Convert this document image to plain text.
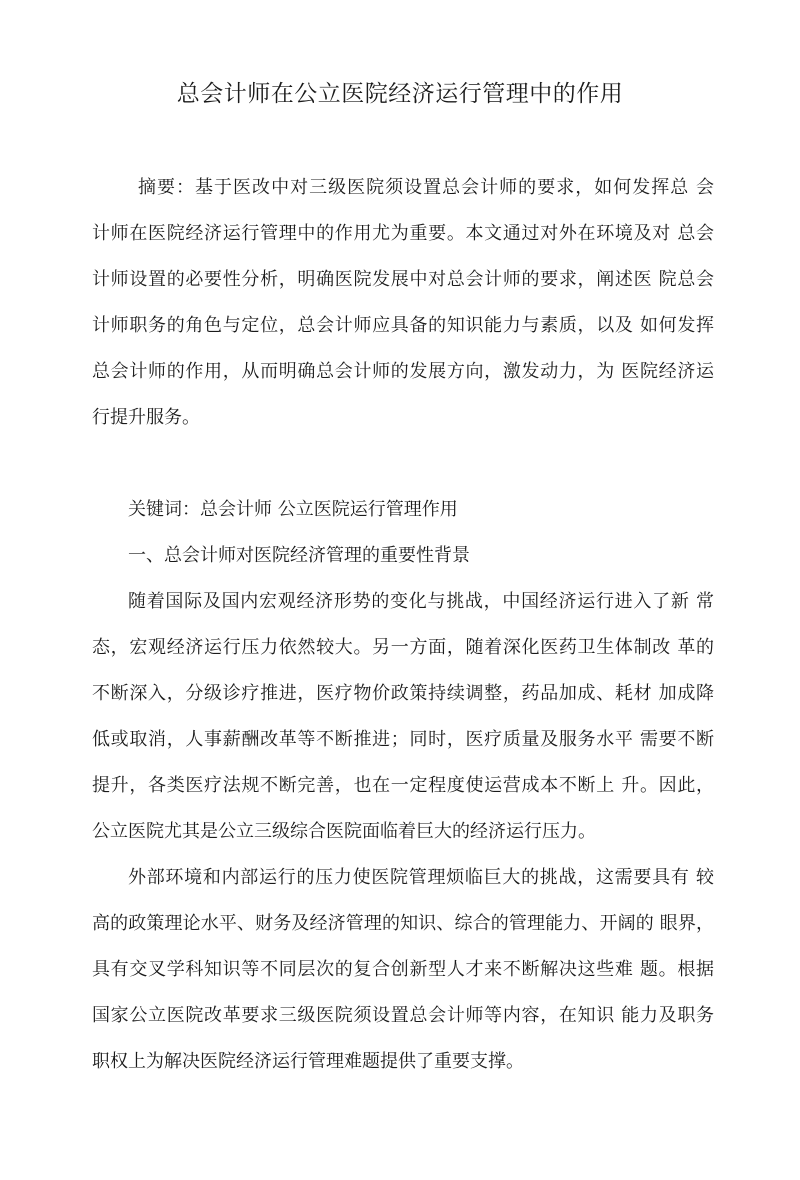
总会计师在公立医院经济运行管理中的作用
摘要：基于医改中对三级医院须设置总会计师的要求，如何发挥总 会
计师在医院经济运行管理中的作用尤为重要。本文通过对外在环境及对 总会
计师设置的必要性分析，明确医院发展中对总会计师的要求，阐述医 院总会
计师职务的角色与定位，总会计师应具备的知识能力与素质，以及 如何发挥
总会计师的作用，从而明确总会计师的发展方向，激发动力，为 医院经济运
行提升服务。

关键词：总会计师 公立医院运行管理作用

一、总会计师对医院经济管理的重要性背景

随着国际及国内宏观经济形势的变化与挑战，中国经济运行进入了新 常
态，宏观经济运行压力依然较大。另一方面，随着深化医药卫生体制改 革的
不断深入，分级诊疗推进，医疗物价政策持续调整，药品加成、耗材 加成降
低或取消，人事薪酬改革等不断推进；同时，医疗质量及服务水平 需要不断
提升，各类医疗法规不断完善，也在一定程度使运营成本不断上 升。因此，
公立医院尤其是公立三级综合医院面临着巨大的经济运行压力。
外部环境和内部运行的压力使医院管理烦临巨大的挑战，这需要具有 较
高的政策理论水平、财务及经济管理的知识、综合的管理能力、开阔的 眼界，
具有交叉学科知识等不同层次的复合创新型人才来不断解决这些难 题。根据
国家公立医院改革要求三级医院须设置总会计师等内容，在知识 能力及职务
职权上为解决医院经济运行管理难题提供了重要支撑。
